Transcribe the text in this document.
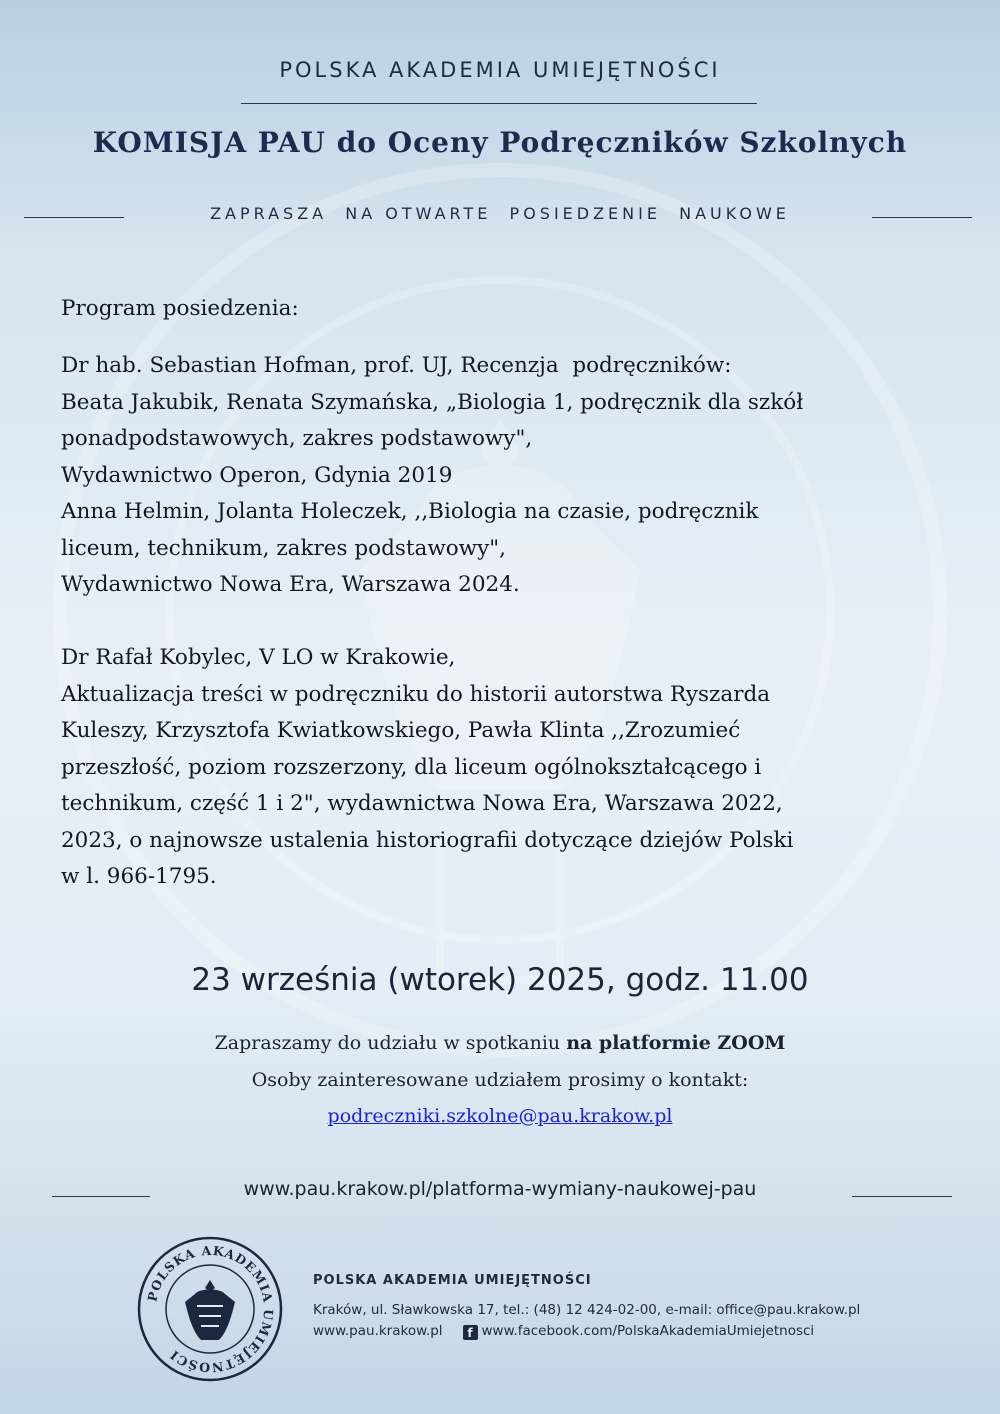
POLSKA AKADEMIA UMIEJĘTNOŚCI
KOMISJA PAU do Oceny Podręczników Szkolnych
ZAPRASZA  NA OTWARTE  POSIEDZENIE  NAUKOWE
Program posiedzenia:
Dr hab. Sebastian Hofman, prof. UJ, Recenzja  podręczników:
Beata Jakubik, Renata Szymańska, „Biologia 1, podręcznik dla szkół
ponadpodstawowych, zakres podstawowy",
Wydawnictwo Operon, Gdynia 2019
Anna Helmin, Jolanta Holeczek, ,,Biologia na czasie, podręcznik
liceum, technikum, zakres podstawowy",
Wydawnictwo Nowa Era, Warszawa 2024.
Dr Rafał Kobylec, V LO w Krakowie,
Aktualizacja treści w podręczniku do historii autorstwa Ryszarda
Kuleszy, Krzysztofa Kwiatkowskiego, Pawła Klinta ,,Zrozumieć
przeszłość, poziom rozszerzony, dla liceum ogólnokształcącego i
technikum, część 1 i 2", wydawnictwa Nowa Era, Warszawa 2022,
2023, o najnowsze ustalenia historiografii dotyczące dziejów Polski
w l. 966-1795.
23 września (wtorek) 2025, godz. 11.00
Zapraszamy do udziału w spotkaniu na platformie ZOOM
Osoby zainteresowane udziałem prosimy o kontakt:
podreczniki.szkolne@pau.krakow.pl
www.pau.krakow.pl/platforma-wymiany-naukowej-pau
POLSKA AKADEMIA UMIEJĘTNOŚCI
POLSKA AKADEMIA UMIEJĘTNOŚCI
Kraków, ul. Sławkowska 17, tel.: (48) 12 424-02-00, e-mail: office@pau.krakow.pl
www.pau.krakow.pl f www.facebook.com/PolskaAkademiaUmiejetnosci
